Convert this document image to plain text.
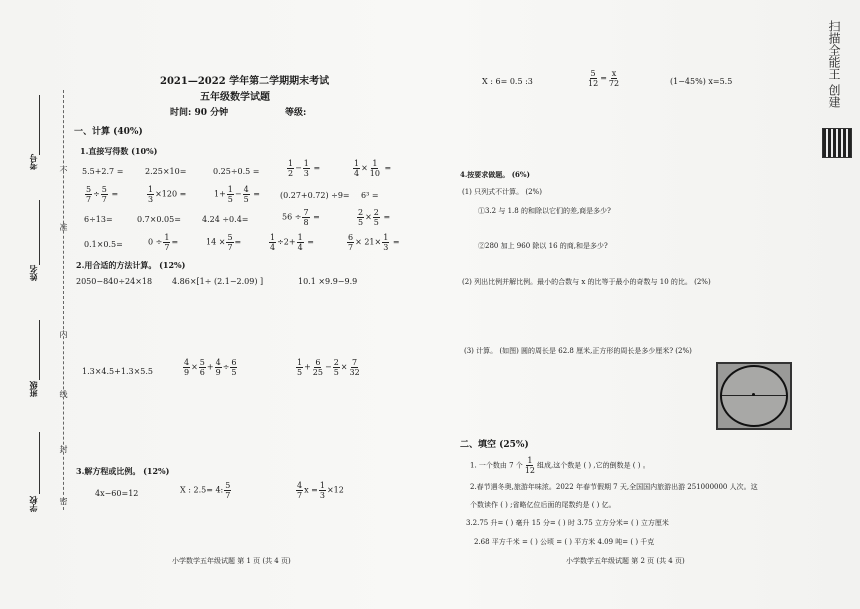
考号
姓名
班级
学校
不
准
内
线
封
密
2021—2022 学年第二学期期末考试
五年级数学试题
时间: 90 分钟	等级:
一、计算 (40%)
1.直接写得数 (10%)
5.5+2.7 =	2.25×10=	0.25÷0.5 =	$\frac{1}{2} - \frac{1}{3}$ =	$\frac{1}{4} \times \frac{1}{10}$ =
$\frac{5}{7} \div \frac{5}{7}$ =	$\frac{1}{3} \times 120$ =	$1+ \frac{1}{5} - \frac{4}{5}$ =	(0.27+0.72) ÷9= 6³ =
6÷13=	0.7×0.05=	4.24 ÷0.4=	$56 \div \frac{7}{8}$ =	$\frac{2}{5} \times \frac{2}{5}$ =
0.1×0.5=	$0 \div \frac{1}{7}$ =	$14 \times \frac{5}{7}$ =	$\frac{1}{4} \div 2+ \frac{1}{4}$ =	$\frac{6}{7} \times 21\times \frac{1}{3}$ =
2.用合适的方法计算。 (12%)
2050−840÷24×18 4.86×[1÷ (2.1−2.09) ]	10.1 ×9.9−9.9
1.3×4.5+1.3×5.5	$\frac{4}{9} \times \frac{5}{6} + \frac{4}{9} \div \frac{6}{5}$	$\frac{1}{5} + \frac{6}{25} - \frac{2}{5} \times \frac{7}{32}$
3.解方程或比例。 (12%)
4x−60=12	X : 2.5= 4: $\frac{5}{7}$	$\frac{4}{7}$ $x = \frac{1}{3} \times 12$
小学数学五年级试题 第 1 页 (共 4 页)
X : 6= 0.5 :3	$\frac{5}{12} = \frac{x}{72}$	(1−45%) x=5.5
4.按要求做题。 (6%)
(1) 只列式不计算。 (2%)
①3.2 与 1.8 的和除以它们的差,商是多少?
②280 加上 960 除以 16 的商,和是多少?
(2) 列出比例并解比例。最小的合数与 x 的比等于最小的奇数与 10 的比。 (2%)
(3) 计算。 (如图) 圆的周长是 62.8 厘米,正方形的周长是多少厘米? (2%)
二、填空 (25%)
1. 一个数由 7 个 $\frac{1}{12}$ 组成,这个数是 ( ) ,它的倒数是 ( ) 。
2.春节遇冬奥,旅游年味浓。2022 年春节假期 7 天,全国国内旅游出游 251000000 人次。这
个数读作 ( ) ;省略亿位后面的尾数约是 ( ) 亿。
3.2.75 升= ( ) 毫升 15 分= ( ) 时 3.75 立方分米= ( ) 立方厘米
2.68 平方千米 = ( ) 公顷 = ( ) 平方米 4.09 吨= ( ) 千克
小学数学五年级试题 第 2 页 (共 4 页)
扫描全能王 创建
